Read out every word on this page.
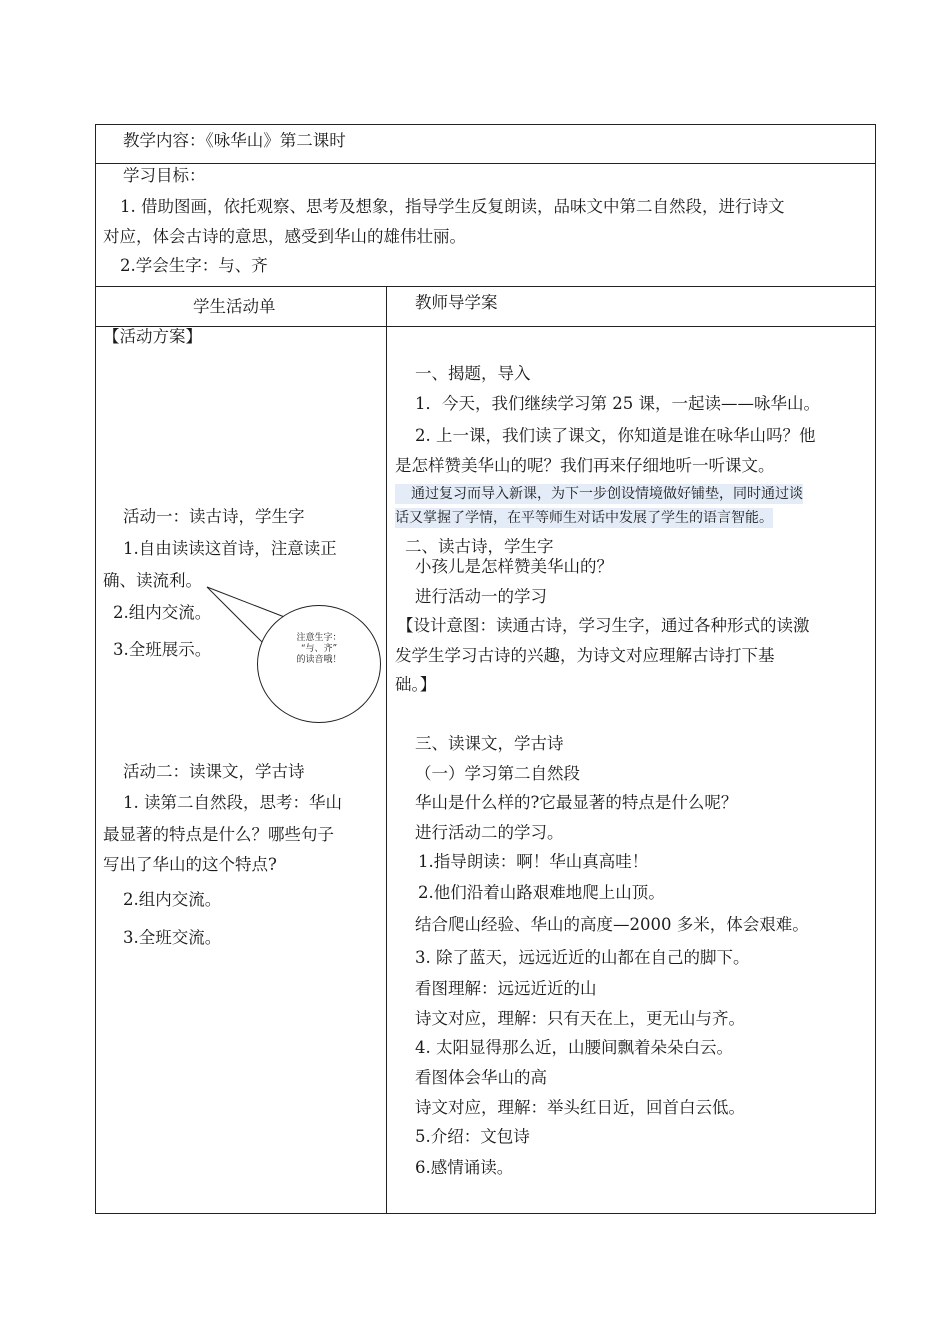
教学内容：《咏华山》第二课时
学习目标：
1. 借助图画，依托观察、思考及想象，指导学生反复朗读，品味文中第二自然段，进行诗文
对应，体会古诗的意思，感受到华山的雄伟壮丽。
2.学会生字：与、齐
学生活动单	教师导学案
【活动方案】
活动一：读古诗，学生字
1.自由读读这首诗，注意读正
确、读流利。
2.组内交流。
3.全班展示。
活动二：读课文，学古诗
1. 读第二自然段，思考：华山
最显著的特点是什么？哪些句子
写出了华山的这个特点?
2.组内交流。
3.全班交流。
注意生字：
“与、齐”
的读音哦！
一、揭题，导入
1．今天，我们继续学习第 25 课，一起读——咏华山。
2. 上一课，我们读了课文，你知道是谁在咏华山吗？他
是怎样赞美华山的呢？我们再来仔细地听一听课文。
通过复习而导入新课，为下一步创设情境做好铺垫，同时通过谈
话又掌握了学情，在平等师生对话中发展了学生的语言智能。
二、读古诗，学生字
小孩儿是怎样赞美华山的？
进行活动一的学习
【设计意图：读通古诗，学习生字，通过各种形式的读激
发学生学习古诗的兴趣，为诗文对应理解古诗打下基
础。】
三、读课文，学古诗
（一）学习第二自然段
华山是什么样的?它最显著的特点是什么呢？
进行活动二的学习。
1.指导朗读：啊！华山真高哇！
2.他们沿着山路艰难地爬上山顶。
结合爬山经验、华山的高度—2000 多米，体会艰难。
3. 除了蓝天，远远近近的山都在自己的脚下。
看图理解：远远近近的山
诗文对应，理解：只有天在上，更无山与齐。
4. 太阳显得那么近，山腰间飘着朵朵白云。
看图体会华山的高
诗文对应，理解：举头红日近，回首白云低。
5.介绍：文包诗
6.感情诵读。
